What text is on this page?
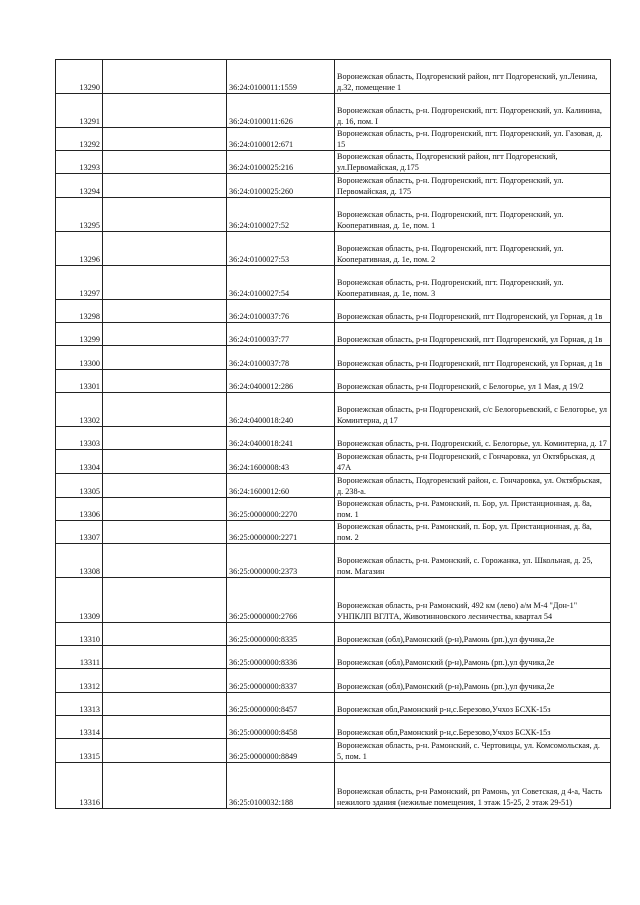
13290		36:24:0100011:1559	Воронежская область, Подгоренский район, пгт Подгоренский, ул.Ленина, д.32, помещение 1
13291		36:24:0100011:626	Воронежская область, р-н. Подгоренский, пгт. Подгоренский, ул. Калинина, д. 16, пом. I
13292		36:24:0100012:671	Воронежская область, р-н. Подгоренский, пгт. Подгоренский, ул. Газовая, д. 15
13293		36:24:0100025:216	Воронежская область, Подгоренский район, пгт Подгоренский, ул.Первомайская, д.175
13294		36:24:0100025:260	Воронежская область, р-н. Подгоренский, пгт. Подгоренский, ул. Первомайская, д. 175
13295		36:24:0100027:52	Воронежская область, р-н. Подгоренский, пгт. Подгоренский, ул. Кооперативная, д. 1е, пом. 1
13296		36:24:0100027:53	Воронежская область, р-н. Подгоренский, пгт. Подгоренский, ул. Кооперативная, д. 1е, пом. 2
13297		36:24:0100027:54	Воронежская область, р-н. Подгоренский, пгт. Подгоренский, ул. Кооперативная, д. 1е, пом. 3
13298		36:24:0100037:76	Воронежская область, р-н Подгоренский, пгт Подгоренский, ул Горная, д 1в
13299		36:24:0100037:77	Воронежская область, р-н Подгоренский, пгт Подгоренский, ул Горная, д 1в
13300		36:24:0100037:78	Воронежская область, р-н Подгоренский, пгт Подгоренский, ул Горная, д 1в
13301		36:24:0400012:286	Воронежская область, р-н Подгоренский, с Белогорье, ул 1 Мая, д 19/2
13302		36:24:0400018:240	Воронежская область, р-н Подгоренский, с/с Белогорьевский, с Белогорье, ул Коминтерна, д 17
13303		36:24:0400018:241	Воронежская область, р-н. Подгоренский, с. Белогорье, ул. Коминтерна, д. 17
13304		36:24:1600008:43	Воронежская область, р-н Подгоренский, с Гончаровка, ул Октябрьская, д 47А
13305		36:24:1600012:60	Воронежская область, Подгоренский район, с. Гончаровка, ул. Октябрьская, д. 238-а.
13306		36:25:0000000:2270	Воронежская область, р-н. Рамонский, п. Бор, ул. Пристанционная, д. 8а, пом. 1
13307		36:25:0000000:2271	Воронежская область, р-н. Рамонский, п. Бор, ул. Пристанционная, д. 8а, пом. 2
13308		36:25:0000000:2373	Воронежская область, р-н. Рамонский, с. Горожанка, ул. Школьная, д. 25, пом. Магазин
13309		36:25:0000000:2766	Воронежская область, р-н Рамонский, 492 км (лево) а/м М-4 "Дон-1" УНПКЛП ВГЛТА, Животинновского лесничества, квартал 54
13310		36:25:0000000:8335	Воронежская (обл),Рамонский (р-н),Рамонь (рп.),ул фучика,2е
13311		36:25:0000000:8336	Воронежская (обл),Рамонский (р-н),Рамонь (рп.),ул фучика,2е
13312		36:25:0000000:8337	Воронежская (обл),Рамонский (р-н),Рамонь (рп.),ул фучика,2е
13313		36:25:0000000:8457	Воронежская обл,Рамонский р-н,с.Березово,Учхоз БСХК-15з
13314		36:25:0000000:8458	Воронежская обл,Рамонский р-н,с.Березово,Учхоз БСХК-15з
13315		36:25:0000000:8849	Воронежская область, р-н. Рамонский, с. Чертовицы, ул. Комсомольская, д. 5, пом. 1
13316		36:25:0100032:188	Воронежская область, р-н Рамонский, рп Рамонь, ул Советская, д 4-а, Часть нежилого здания (нежилые помещения, 1 этаж 15-25, 2 этаж 29-51)
